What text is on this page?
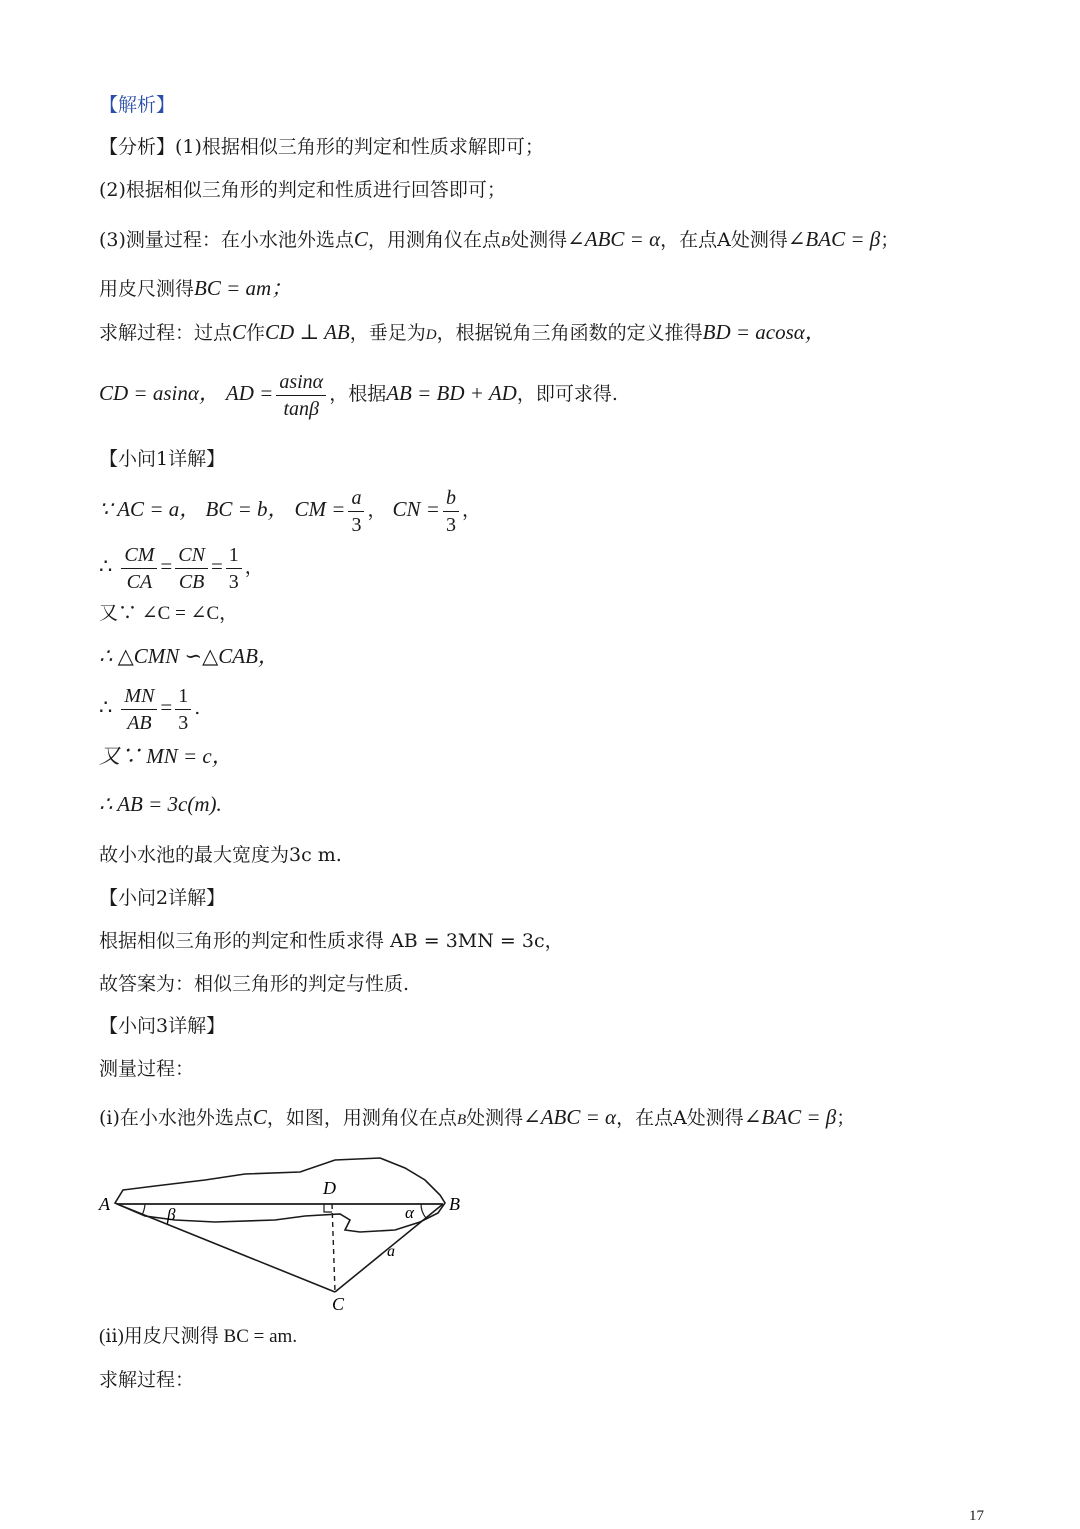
【解析】
【分析】(1)根据相似三角形的判定和性质求解即可；
(2)根据相似三角形的判定和性质进行回答即可；
(3)测量过程：在小水池外选点C，用测角仪在点B处测得∠ABC = α，在点A处测得∠BAC = β；
用皮尺测得BC = am；
求解过程：过点C作CD ⊥ AB，垂足为D，根据锐角三角函数的定义推得BD = acosα，
CD = asinα， AD = $\frac{asin\alpha}{\tan\beta}$ ，根据AB = BD + AD，即可求得.
【小问1详解】
∵ AC = a， BC = b， CM = $\frac{a}{3}$ ， CN = $\frac{b}{3}$ ，
∴ $\frac{CM}{CA} = \frac{CN}{CB} = \frac{1}{3}$ ，
又∵ ∠C = ∠C，
∴ △CMN ∽△CAB，
∴ $\frac{MN}{AB} = \frac{1}{3}$ .
又∵ MN = c，
∴ AB = 3c(m).
故小水池的最大宽度为3c m.
【小问2详解】
根据相似三角形的判定和性质求得 AB = 3MN = 3c，
故答案为：相似三角形的判定与性质.
【小问3详解】
测量过程：
(ⅰ)在小水池外选点C，如图，用测角仪在点B处测得∠ABC = α，在点A处测得∠BAC = β；
A	B
C
D
β	α
a
(ⅱ)用皮尺测得 BC = am.
求解过程：
17
